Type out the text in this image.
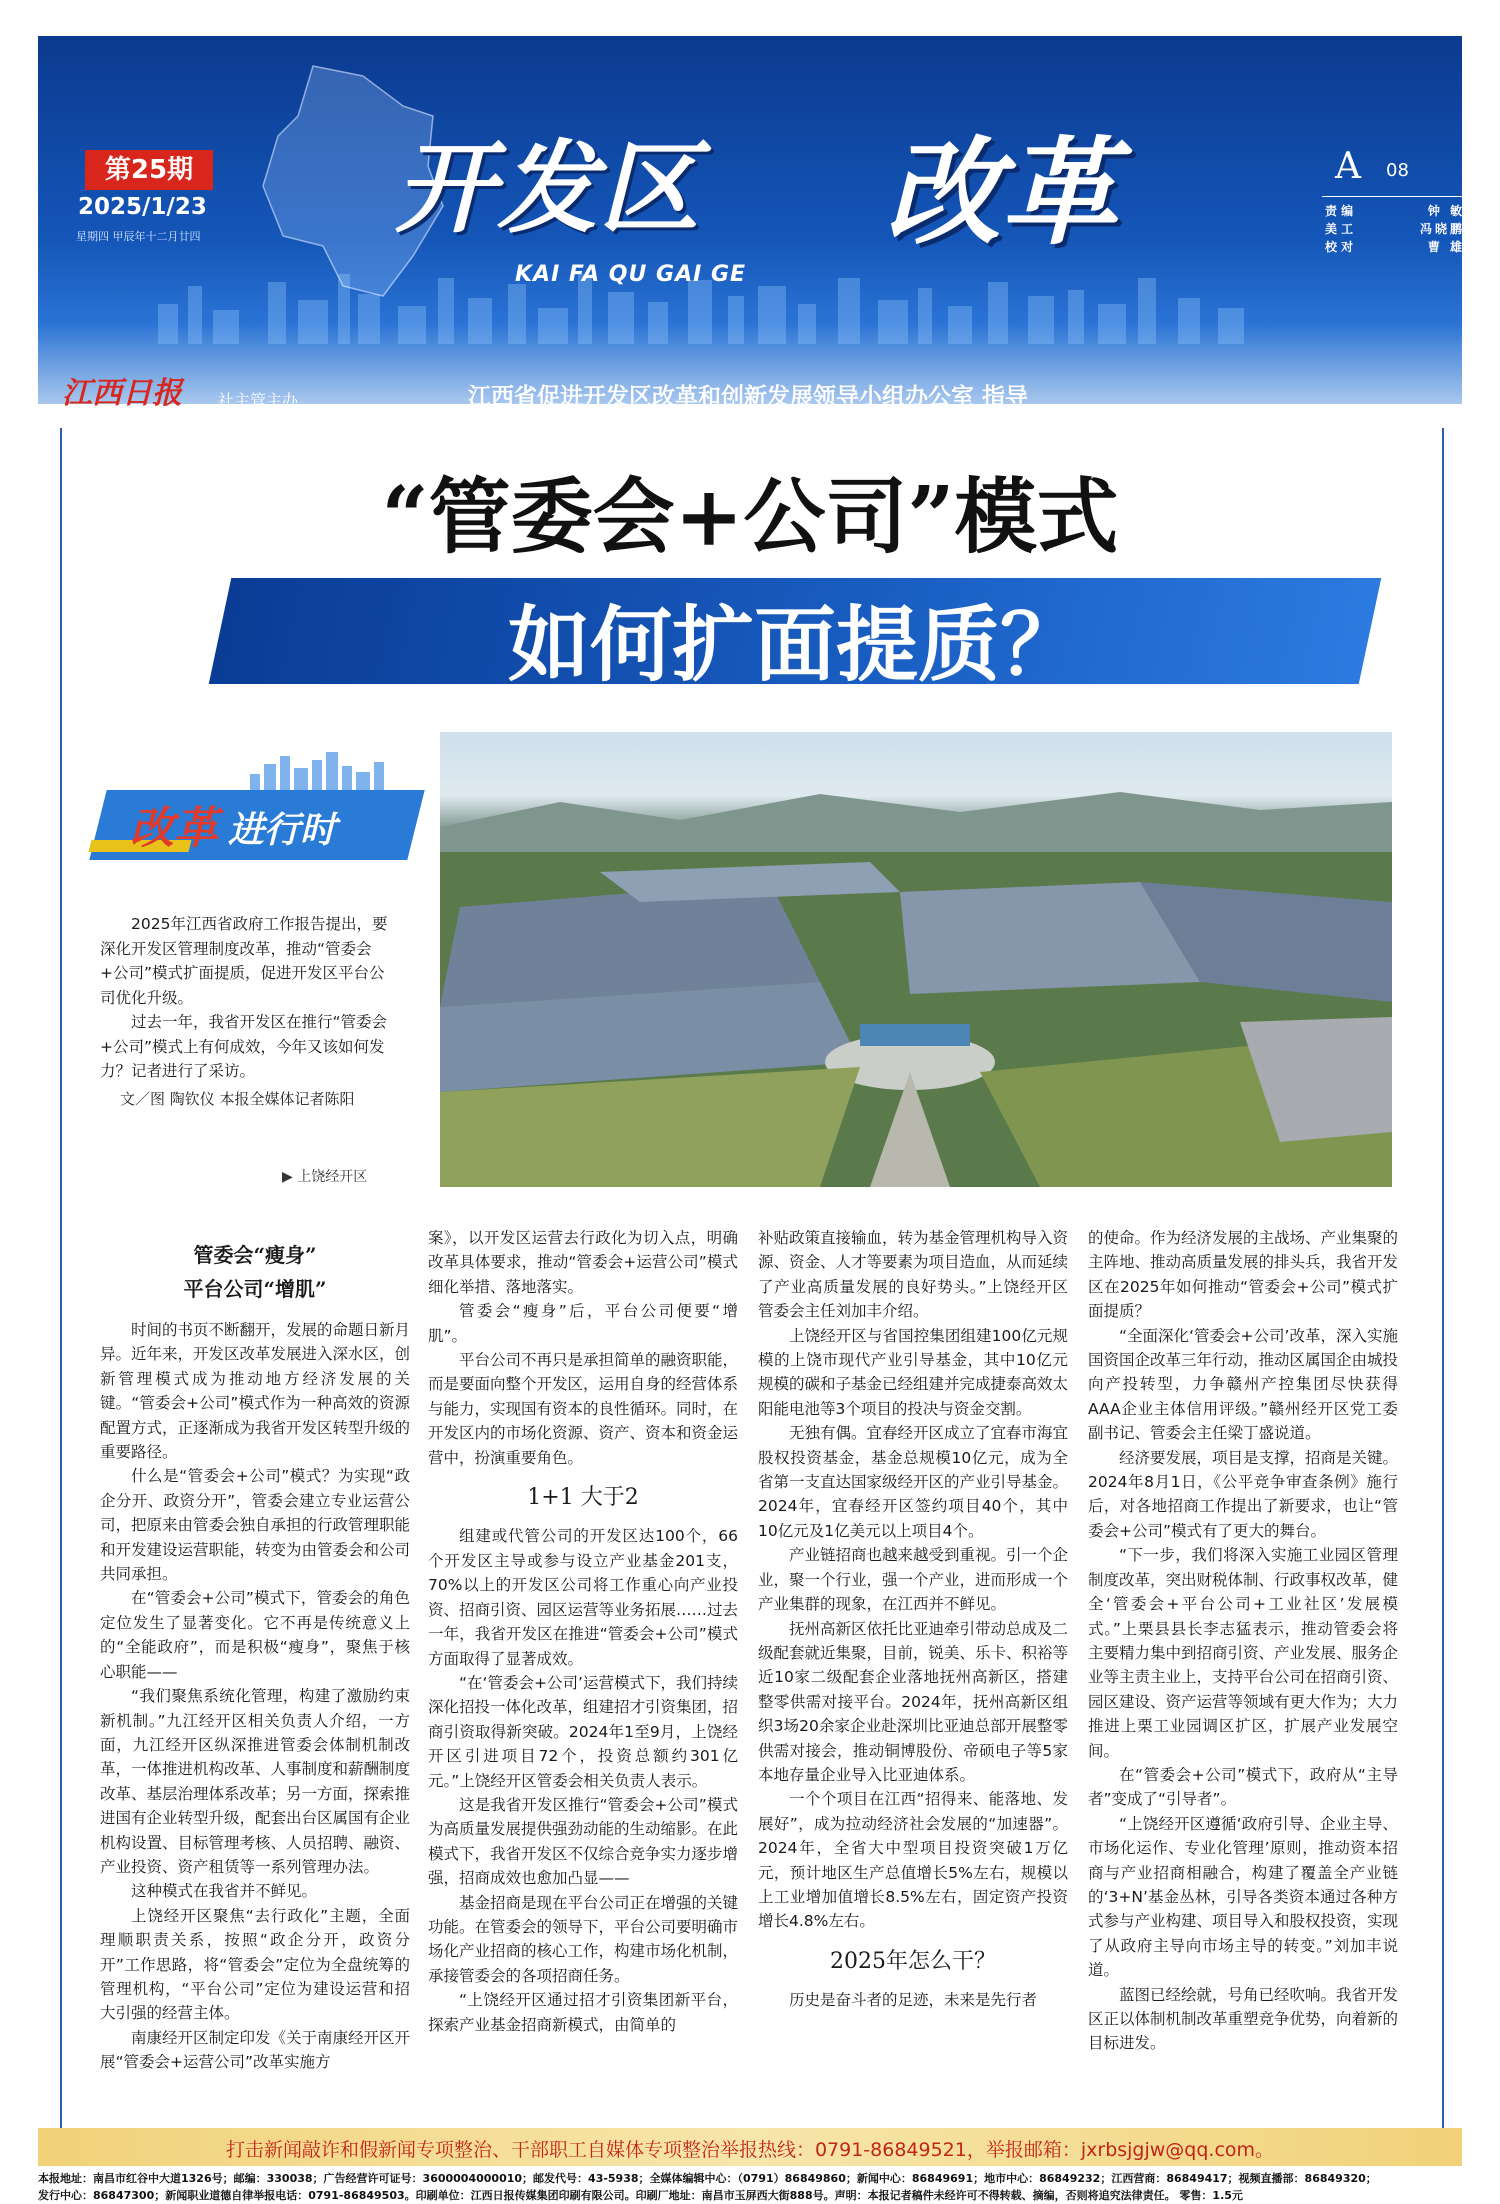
第25期
2025/1/23
星期四 甲辰年十二月廿四	开发区 改革
KAI FA QU GAI GE
A 08
责 编	钟 敏
美 工	冯晓鹏
校 对	曹 雄
江西日报 社主管主办	江西省促进开发区改革和创新发展领导小组办公室 指导
“管委会+公司”模式
如何扩面提质？
改革 进行时

2025年江西省政府工作报告提出，要深化开发区管理制度改革，推动“管委会+公司”模式扩面提质，促进开发区平台公司优化升级。

过去一年，我省开发区在推行“管委会+公司”模式上有何成效，今年又该如何发力？记者进行了采访。

文／图 陶钦仪 本报全媒体记者陈阳
▶ 上饶经开区
管委会“瘦身”
平台公司“增肌”

时间的书页不断翻开，发展的命题日新月异。近年来，开发区改革发展进入深水区，创新管理模式成为推动地方经济发展的关键。“管委会+公司”模式作为一种高效的资源配置方式，正逐渐成为我省开发区转型升级的重要路径。

什么是“管委会+公司”模式？为实现“政企分开、政资分开”，管委会建立专业运营公司，把原来由管委会独自承担的行政管理职能和开发建设运营职能，转变为由管委会和公司共同承担。

在“管委会+公司”模式下，管委会的角色定位发生了显著变化。它不再是传统意义上的“全能政府”，而是积极“瘦身”，聚焦于核心职能——

“我们聚焦系统化管理，构建了激励约束新机制。”九江经开区相关负责人介绍，一方面，九江经开区纵深推进管委会体制机制改革，一体推进机构改革、人事制度和薪酬制度改革、基层治理体系改革；另一方面，探索推进国有企业转型升级，配套出台区属国有企业机构设置、目标管理考核、人员招聘、融资、产业投资、资产租赁等一系列管理办法。

这种模式在我省并不鲜见。

上饶经开区聚焦“去行政化”主题，全面理顺职责关系，按照“政企分开，政资分开”工作思路，将“管委会”定位为全盘统筹的管理机构，“平台公司”定位为建设运营和招大引强的经营主体。

南康经开区制定印发《关于南康经开区开展“管委会+运营公司”改革实施方

案》，以开发区运营去行政化为切入点，明确改革具体要求，推动“管委会+运营公司”模式细化举措、落地落实。

管委会“瘦身”后，平台公司便要“增肌”。

平台公司不再只是承担简单的融资职能，而是要面向整个开发区，运用自身的经营体系与能力，实现国有资本的良性循环。同时，在开发区内的市场化资源、资产、资本和资金运营中，扮演重要角色。

1+1 大于2

组建或代管公司的开发区达100个，66个开发区主导或参与设立产业基金201支，70%以上的开发区公司将工作重心向产业投资、招商引资、园区运营等业务拓展……过去一年，我省开发区在推进“管委会+公司”模式方面取得了显著成效。

“在‘管委会+公司’运营模式下，我们持续深化招投一体化改革，组建招才引资集团，招商引资取得新突破。2024年1至9月，上饶经开区引进项目72个，投资总额约301亿元。”上饶经开区管委会相关负责人表示。

这是我省开发区推行“管委会+公司”模式为高质量发展提供强劲动能的生动缩影。在此模式下，我省开发区不仅综合竞争实力逐步增强，招商成效也愈加凸显——

基金招商是现在平台公司正在增强的关键功能。在管委会的领导下，平台公司要明确市场化产业招商的核心工作，构建市场化机制，承接管委会的各项招商任务。

“上饶经开区通过招才引资集团新平台，探索产业基金招商新模式，由简单的

补贴政策直接输血，转为基金管理机构导入资源、资金、人才等要素为项目造血，从而延续了产业高质量发展的良好势头。”上饶经开区管委会主任刘加丰介绍。

上饶经开区与省国控集团组建100亿元规模的上饶市现代产业引导基金，其中10亿元规模的碳和子基金已经组建并完成捷泰高效太阳能电池等3个项目的投决与资金交割。

无独有偶。宜春经开区成立了宜春市海宜股权投资基金，基金总规模10亿元，成为全省第一支直达国家级经开区的产业引导基金。2024年，宜春经开区签约项目40个，其中10亿元及1亿美元以上项目4个。

产业链招商也越来越受到重视。引一个企业，聚一个行业，强一个产业，进而形成一个产业集群的现象，在江西并不鲜见。

抚州高新区依托比亚迪牵引带动总成及二级配套就近集聚，目前，锐美、乐卡、积裕等近10家二级配套企业落地抚州高新区，搭建整零供需对接平台。2024年，抚州高新区组织3场20余家企业赴深圳比亚迪总部开展整零供需对接会，推动铜博股份、帝硕电子等5家本地存量企业导入比亚迪体系。

一个个项目在江西“招得来、能落地、发展好”，成为拉动经济社会发展的“加速器”。2024年，全省大中型项目投资突破1万亿元，预计地区生产总值增长5%左右，规模以上工业增加值增长8.5%左右，固定资产投资增长4.8%左右。

2025年怎么干？

历史是奋斗者的足迹，未来是先行者

的使命。作为经济发展的主战场、产业集聚的主阵地、推动高质量发展的排头兵，我省开发区在2025年如何推动“管委会+公司”模式扩面提质？

“全面深化‘管委会+公司’改革，深入实施国资国企改革三年行动，推动区属国企由城投向产投转型，力争赣州产控集团尽快获得AAA企业主体信用评级。”赣州经开区党工委副书记、管委会主任梁丁盛说道。

经济要发展，项目是支撑，招商是关键。2024年8月1日，《公平竞争审查条例》施行后，对各地招商工作提出了新要求，也让“管委会+公司”模式有了更大的舞台。

“下一步，我们将深入实施工业园区管理制度改革，突出财税体制、行政事权改革，健全‘管委会+平台公司+工业社区’发展模式。”上栗县县长李志猛表示，推动管委会将主要精力集中到招商引资、产业发展、服务企业等主责主业上，支持平台公司在招商引资、园区建设、资产运营等领域有更大作为；大力推进上栗工业园调区扩区，扩展产业发展空间。

在“管委会+公司”模式下，政府从“主导者”变成了“引导者”。

“上饶经开区遵循‘政府引导、企业主导、市场化运作、专业化管理’原则，推动资本招商与产业招商相融合，构建了覆盖全产业链的‘3+N’基金丛林，引导各类资本通过各种方式参与产业构建、项目导入和股权投资，实现了从政府主导向市场主导的转变。”刘加丰说道。

蓝图已经绘就，号角已经吹响。我省开发区正以体制机制改革重塑竞争优势，向着新的目标进发。

打击新闻敲诈和假新闻专项整治、干部职工自媒体专项整治举报热线：0791-86849521，举报邮箱：jxrbsjgjw@qq.com。
本报地址：南昌市红谷中大道1326号；邮编：330038；广告经营许可证号：3600004000010；邮发代号：43-5938；全媒体编辑中心：（0791）86849860；新闻中心：86849691；地市中心：86849232；江西营商：86849417；视频直播部：86849320；
发行中心：86847300；新闻职业道德自律举报电话：0791-86849503。印刷单位：江西日报传媒集团印刷有限公司。印刷厂地址：南昌市玉屏西大街888号。声明：本报记者稿件未经许可不得转载、摘编，否则将追究法律责任。 零售：1.5元
